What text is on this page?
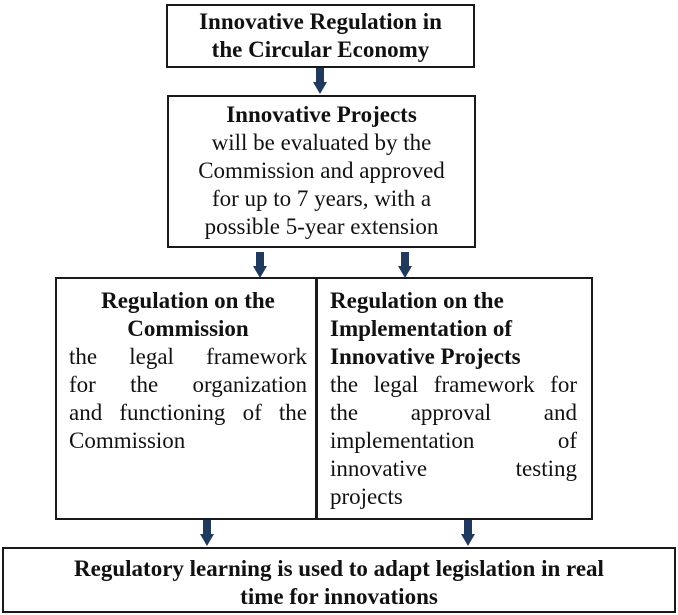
Innovative Regulation in
the Circular Economy
Innovative Projects
will be evaluated by the
Commission and approved
for up to 7 years, with a
possible 5-year extension
Regulation on the
Commission
the legal framework
for the organization
and functioning of the
Commission
Regulation on the
Implementation of
Innovative Projects
the legal framework for
the approval and
implementation of
innovative testing
projects
Regulatory learning is used to adapt legislation in real
time for innovations
